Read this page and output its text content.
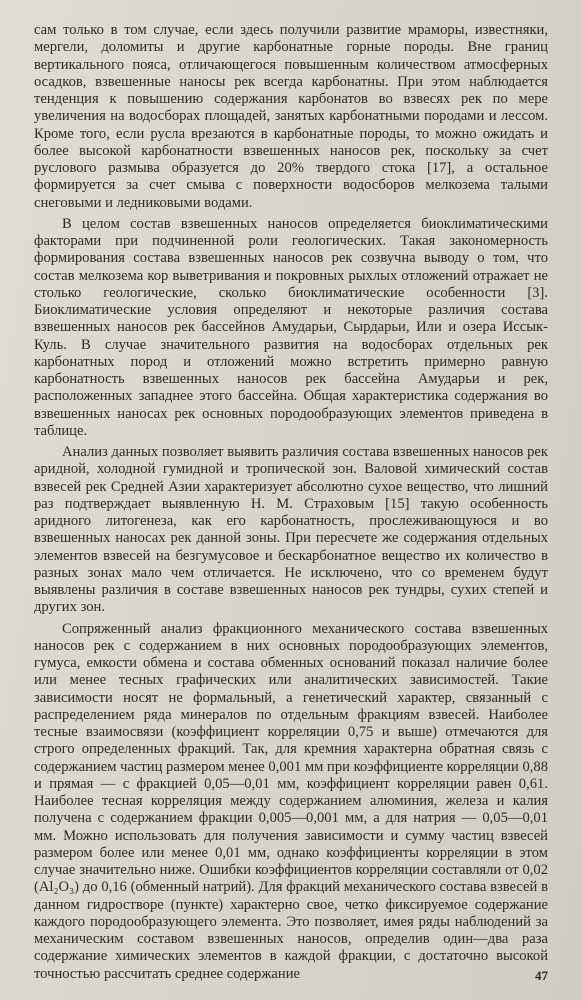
сам только в том случае, если здесь получили развитие мраморы, известняки, мергели, доломиты и другие карбонатные горные породы. Вне границ вертикального пояса, отличающегося повышенным количеством атмосферных осадков, взвешенные наносы рек всегда карбонатны. При этом наблюдается тенденция к повышению содержания карбонатов во взвесях рек по мере увеличения на водосборах площадей, занятых карбонатными породами и лессом. Кроме того, если русла врезаются в карбонатные породы, то можно ожидать и более высокой карбонатности взвешенных наносов рек, поскольку за счет руслового размыва образуется до 20% твердого стока [17], а остальное формируется за счет смыва с поверхности водосборов мелкозема талыми снеговыми и ледниковыми водами.

В целом состав взвешенных наносов определяется биоклиматическими факторами при подчиненной роли геологических. Такая закономерность формирования состава взвешенных наносов рек созвучна выводу о том, что состав мелкозема кор выветривания и покровных рыхлых отложений отражает не столько геологические, сколько биоклиматические особенности [3]. Биоклиматические условия определяют и некоторые различия состава взвешенных наносов рек бассейнов Амударьи, Сырдарьи, Или и озера Иссык-Куль. В случае значительного развития на водосборах отдельных рек карбонатных пород и отложений можно встретить примерно равную карбонатность взвешенных наносов рек бассейна Амударьи и рек, расположенных западнее этого бассейна. Общая характеристика содержания во взвешенных наносах рек основных породообразующих элементов приведена в таблице.

Анализ данных позволяет выявить различия состава взвешенных наносов рек аридной, холодной гумидной и тропической зон. Валовой химический состав взвесей рек Средней Азии характеризует абсолютно сухое вещество, что лишний раз подтверждает выявленную Н. М. Страховым [15] такую особенность аридного литогенеза, как его карбонатность, прослеживающуюся и во взвешенных наносах рек данной зоны. При пересчете же содержания отдельных элементов взвесей на безгумусовое и бескарбонатное вещество их количество в разных зонах мало чем отличается. Не исключено, что со временем будут выявлены различия в составе взвешенных наносов рек тундры, сухих степей и других зон.

Сопряженный анализ фракционного механического состава взвешенных наносов рек с содержанием в них основных породообразующих элементов, гумуса, емкости обмена и состава обменных оснований показал наличие более или менее тесных графических или аналитических зависимостей. Такие зависимости носят не формальный, а генетический характер, связанный с распределением ряда минералов по отдельным фракциям взвесей. Наиболее тесные взаимосвязи (коэффициент корреляции 0,75 и выше) отмечаются для строго определенных фракций. Так, для кремния характерна обратная связь с содержанием частиц размером менее 0,001 мм при коэффициенте корреляции 0,88 и прямая — с фракцией 0,05—0,01 мм, коэффициент корреляции равен 0,61. Наиболее тесная корреляция между содержанием алюминия, железа и калия получена с содержанием фракции 0,005—0,001 мм, а для натрия — 0,05—0,01 мм. Можно использовать для получения зависимости и сумму частиц взвесей размером более или менее 0,01 мм, однако коэффициенты корреляции в этом случае значительно ниже. Ошибки коэффициентов корреляции составляли от 0,02 (Al₂O₃) до 0,16 (обменный натрий). Для фракций механического состава взвесей в данном гидростворе (пункте) характерно свое, четко фиксируемое содержание каждого породообразующего элемента. Это позволяет, имея ряды наблюдений за механическим составом взвешенных наносов, определив один—два раза содержание химических элементов в каждой фракции, с достаточно высокой точностью рассчитать среднее содержание	47
